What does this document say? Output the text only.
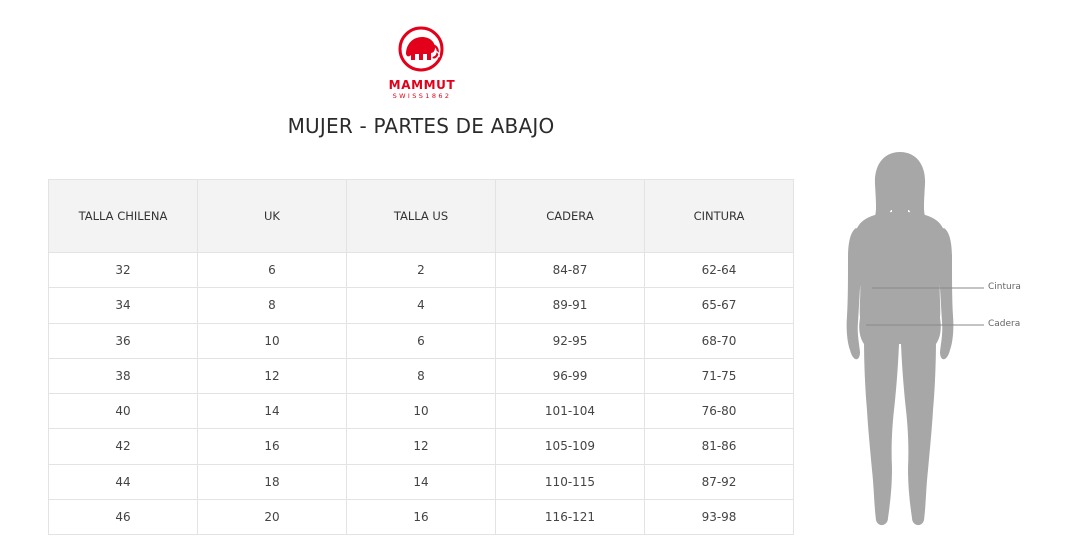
MAMMUT
SWISS1862
MUJER - PARTES DE ABAJO
TALLA CHILENA	UK	TALLA US	CADERA	CINTURA
32	6	2	84-87	62-64
34	8	4	89-91	65-67
36	10	6	92-95	68-70
38	12	8	96-99	71-75
40	14	10	101-104	76-80
42	16	12	105-109	81-86
44	18	14	110-115	87-92
46	20	16	116-121	93-98
Cintura
Cadera
